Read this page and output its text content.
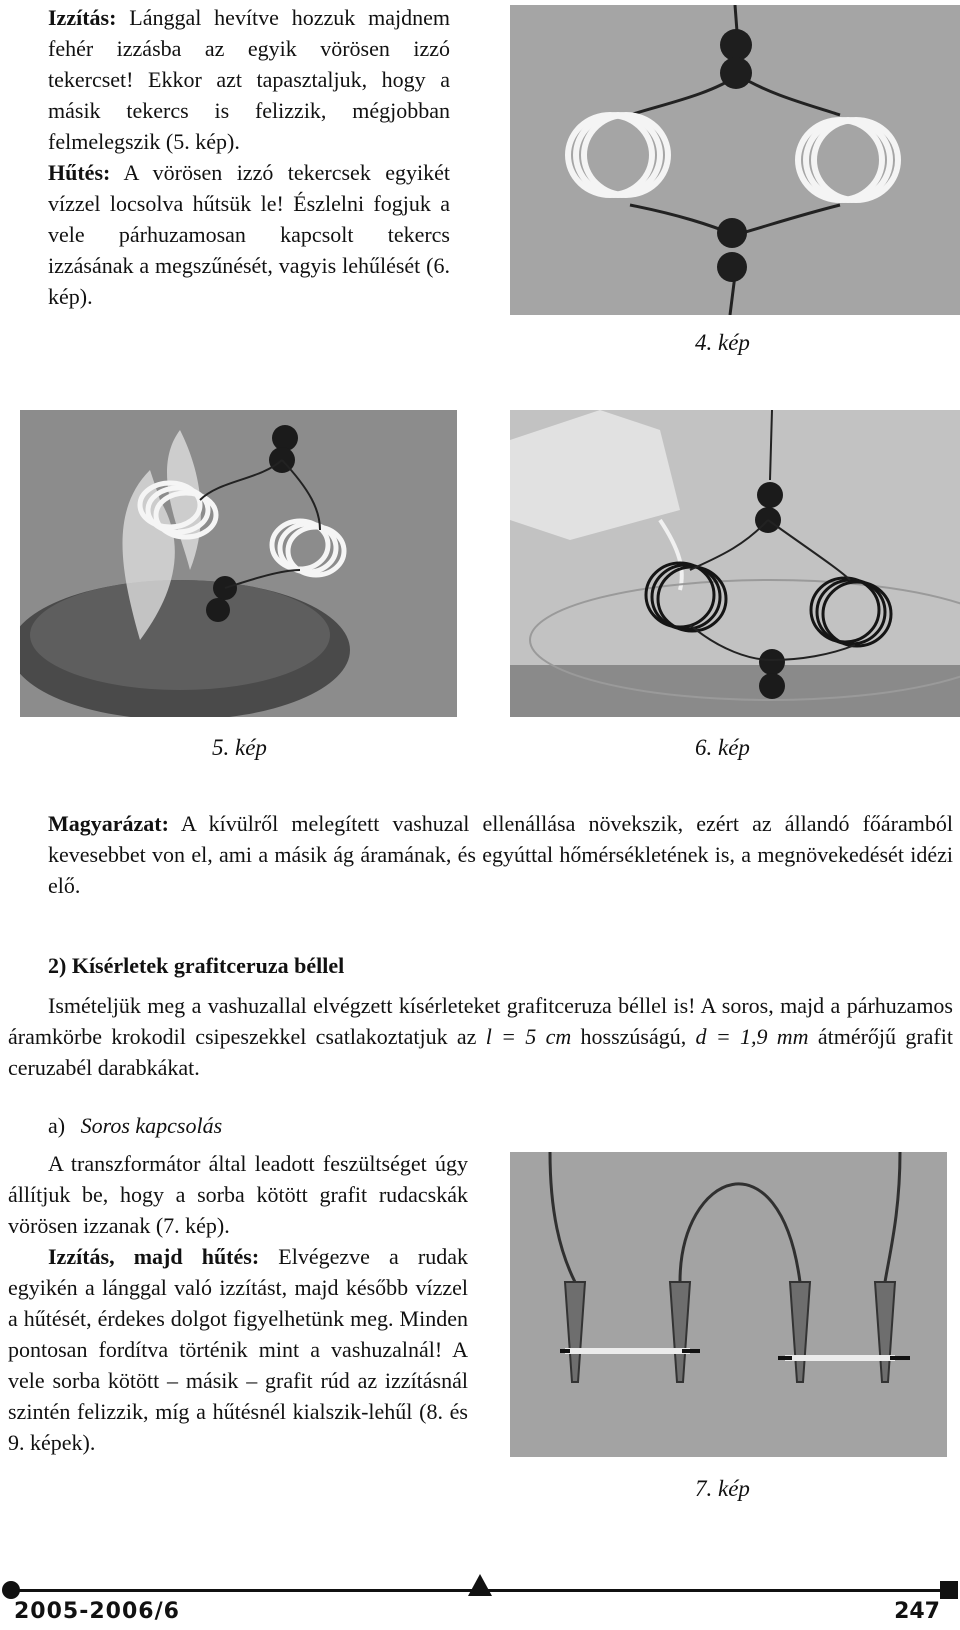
Izzítás: Lánggal hevítve hozzuk majdnem fehér izzásba az egyik vörösen izzó tekercset! Ekkor azt tapasztaljuk, hogy a másik tekercs is felizzik, mégjobban felmelegszik (5. kép).
Hűtés: A vörösen izzó tekercsek egyikét vízzel locsolva hűtsük le! Észlelni fogjuk a vele párhuzamosan kapcsolt tekercs izzásának a megszűnését, vagyis lehűlését (6. kép).
4. kép
5. kép	6. kép
Magyarázat: A kívülről melegített vashuzal ellenállása növekszik, ezért az állandó főáramból kevesebbet von el, ami a másik ág áramának, és egyúttal hőmérsékletének is, a megnövekedését idézi elő.
2) Kísérletek grafitceruza béllel
Ismételjük meg a vashuzallal elvégzett kísérleteket grafitceruza béllel is! A soros, majd a párhuzamos áramkörbe krokodil csipeszekkel csatlakoztatjuk az l = 5 cm hosszúságú, d = 1,9 mm átmérőjű grafit ceruzabél darabkákat.
a) Soros kapcsolás
A transzformátor által leadott feszültséget úgy állítjuk be, hogy a sorba kötött grafit rudacskák vörösen izzanak (7. kép).
Izzítás, majd hűtés: Elvégezve a rudak egyikén a lánggal való izzítást, majd később vízzel a hűtését, érdekes dolgot figyelhetünk meg. Minden pontosan fordítva történik mint a vashuzalnál! A vele sorba kötött – másik – grafit rúd az izzításnál szintén felizzik, míg a hűtésnél kialszik-lehűl (8. és 9. képek).
7. kép
2005-2006/6	247
